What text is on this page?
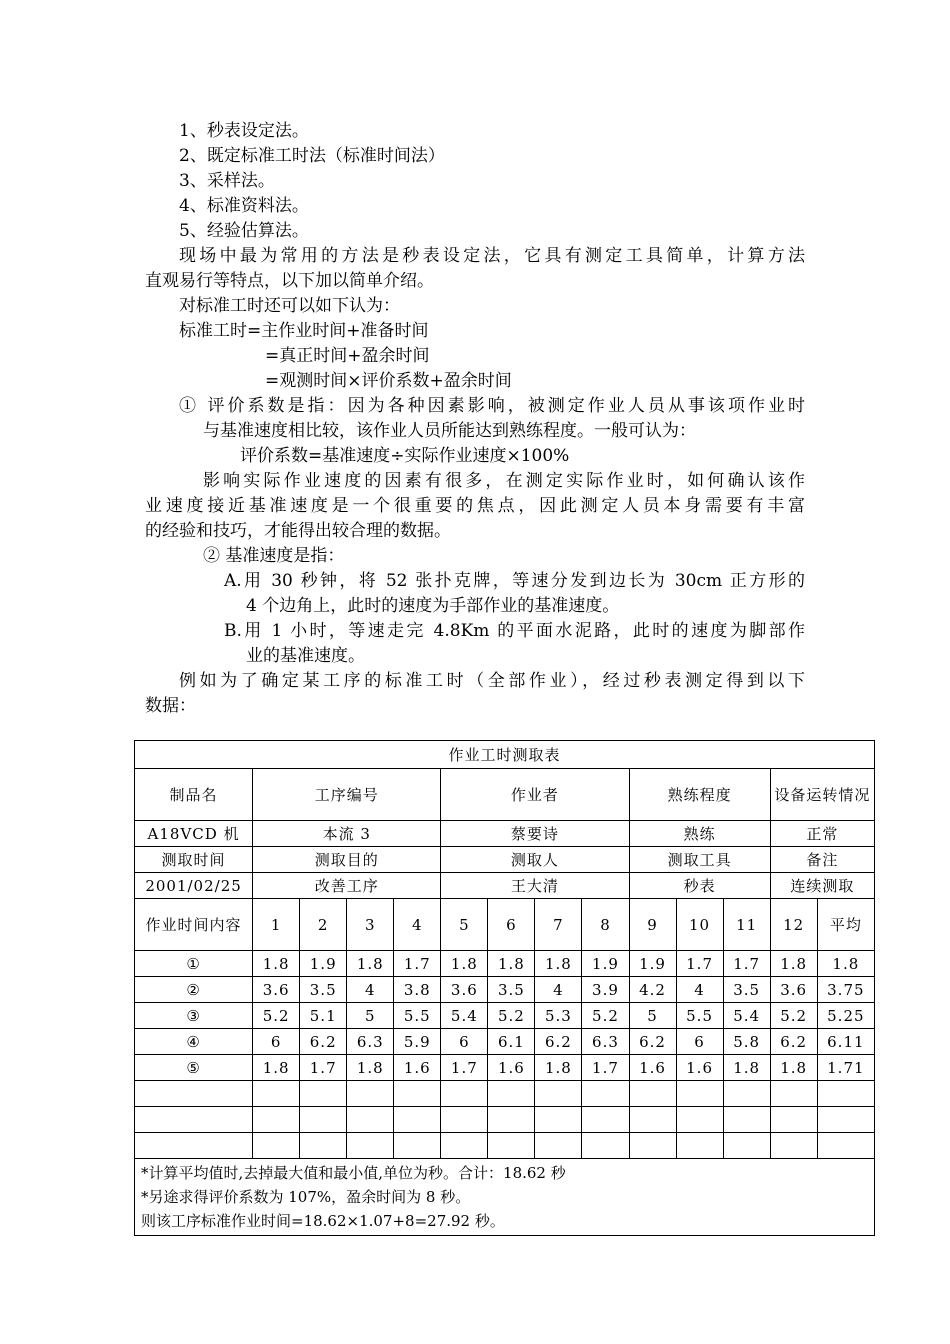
1、秒表设定法。
2、既定标准工时法（标准时间法）
3、采样法。
4、标准资料法。
5、经验估算法。
现场中最为常用的方法是秒表设定法，它具有测定工具简单，计算方法
直观易行等特点，以下加以简单介绍。
对标准工时还可以如下认为：
标准工时=主作业时间+准备时间
=真正时间+盈余时间
=观测时间×评价系数+盈余时间
① 评价系数是指：因为各种因素影响，被测定作业人员从事该项作业时
与基准速度相比较，该作业人员所能达到熟练程度。一般可认为：
评价系数=基准速度÷实际作业速度×100%
影响实际作业速度的因素有很多，在测定实际作业时，如何确认该作
业速度接近基准速度是一个很重要的焦点，因此测定人员本身需要有丰富
的经验和技巧，才能得出较合理的数据。
② 基准速度是指：
A.用 30 秒钟，将 52 张扑克牌，等速分发到边长为 30cm 正方形的
4 个边角上，此时的速度为手部作业的基准速度。
B.用 1 小时，等速走完 4.8Km 的平面水泥路，此时的速度为脚部作
业的基准速度。
例如为了确定某工序的标准工时（全部作业），经过秒表测定得到以下
数据：
作业工时测取表													
制品名	工序编号				作业者				熟练程度			设备运转情况	
A18VCD 机	本流 3				蔡要诗				熟练			正常	
测取时间	测取目的				测取人				测取工具			备注	
2001/02/25	改善工序				王大清				秒表			连续测取	
作业时间内容	1	2	3	4	5	6	7	8	9	10	11	12	平均
①	1.8	1.9	1.8	1.7	1.8	1.8	1.8	1.9	1.9	1.7	1.7	1.8	1.8
②	3.6	3.5	4	3.8	3.6	3.5	4	3.9	4.2	4	3.5	3.6	3.75
③	5.2	5.1	5	5.5	5.4	5.2	5.3	5.2	5	5.5	5.4	5.2	5.25
④	6	6.2	6.3	5.9	6	6.1	6.2	6.3	6.2	6	5.8	6.2	6.11
⑤	1.8	1.7	1.8	1.6	1.7	1.6	1.8	1.7	1.6	1.6	1.8	1.8	1.71

*计算平均值时,去掉最大值和最小值,单位为秒。合计：18.62 秒
*另途求得评价系数为 107%，盈余时间为 8 秒。
则该工序标准作业时间=18.62×1.07+8=27.92 秒。													
